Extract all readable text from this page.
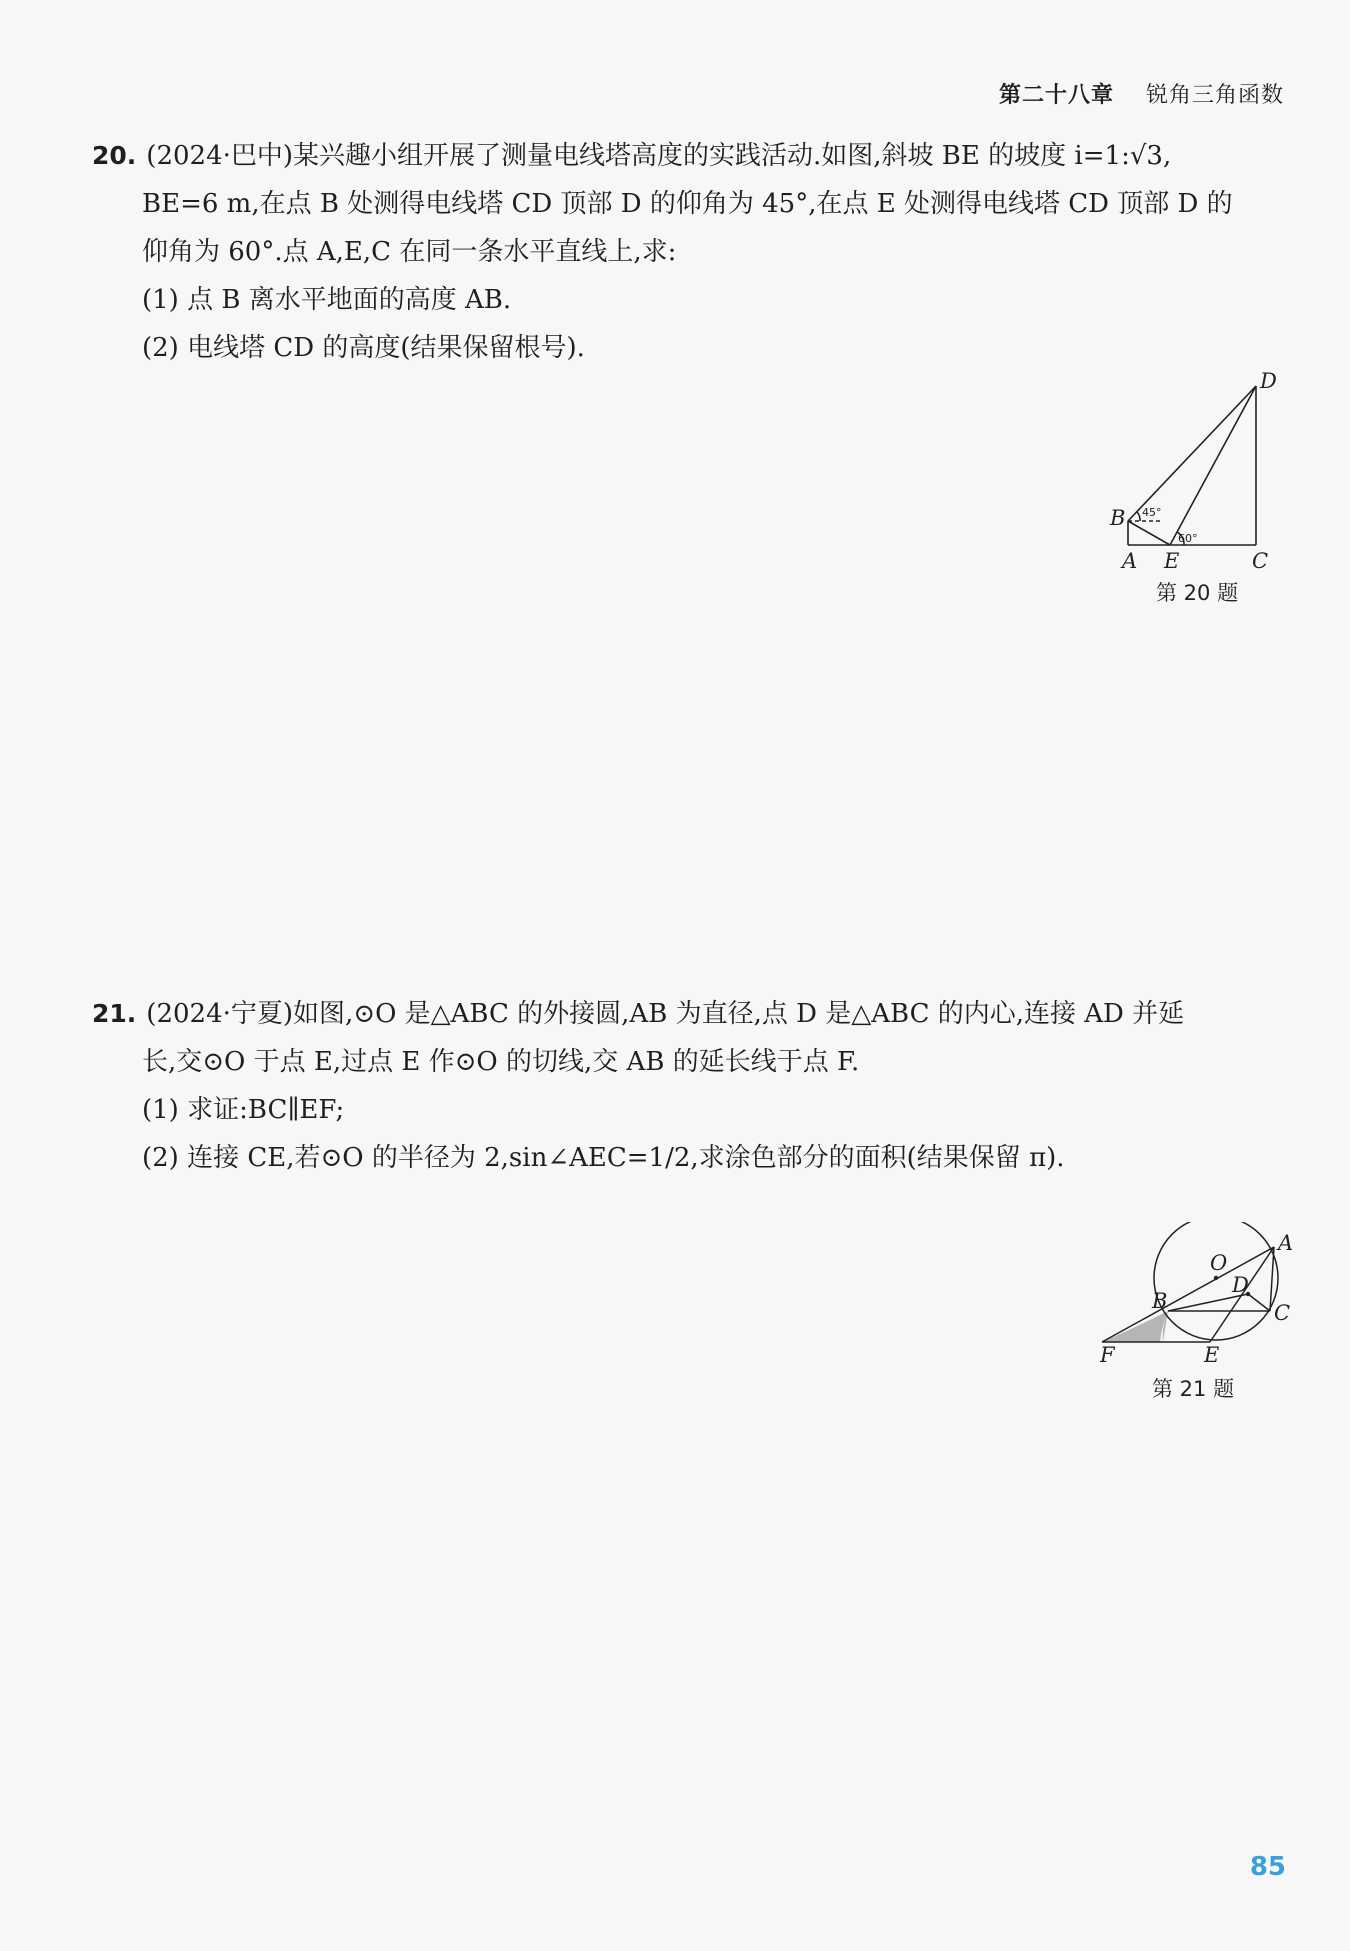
第二十八章 锐角三角函数
20. (2024·巴中)某兴趣小组开展了测量电线塔高度的实践活动.如图,斜坡 BE 的坡度 i=1:√3,
BE=6 m,在点 B 处测得电线塔 CD 顶部 D 的仰角为 45°,在点 E 处测得电线塔 CD 顶部 D 的
仰角为 60°.点 A,E,C 在同一条水平直线上,求:
(1) 点 B 离水平地面的高度 AB.
(2) 电线塔 CD 的高度(结果保留根号).
45°
60°
D
B
A E	C
第 20 题
21. (2024·宁夏)如图,⊙O 是△ABC 的外接圆,AB 为直径,点 D 是△ABC 的内心,连接 AD 并延
长,交⊙O 于点 E,过点 E 作⊙O 的切线,交 AB 的延长线于点 F.
(1) 求证:BC∥EF;
(2) 连接 CE,若⊙O 的半径为 2,sin∠AEC=1/2,求涂色部分的面积(结果保留 π).
O
D
A
B	C
E
F
第 21 题
85
